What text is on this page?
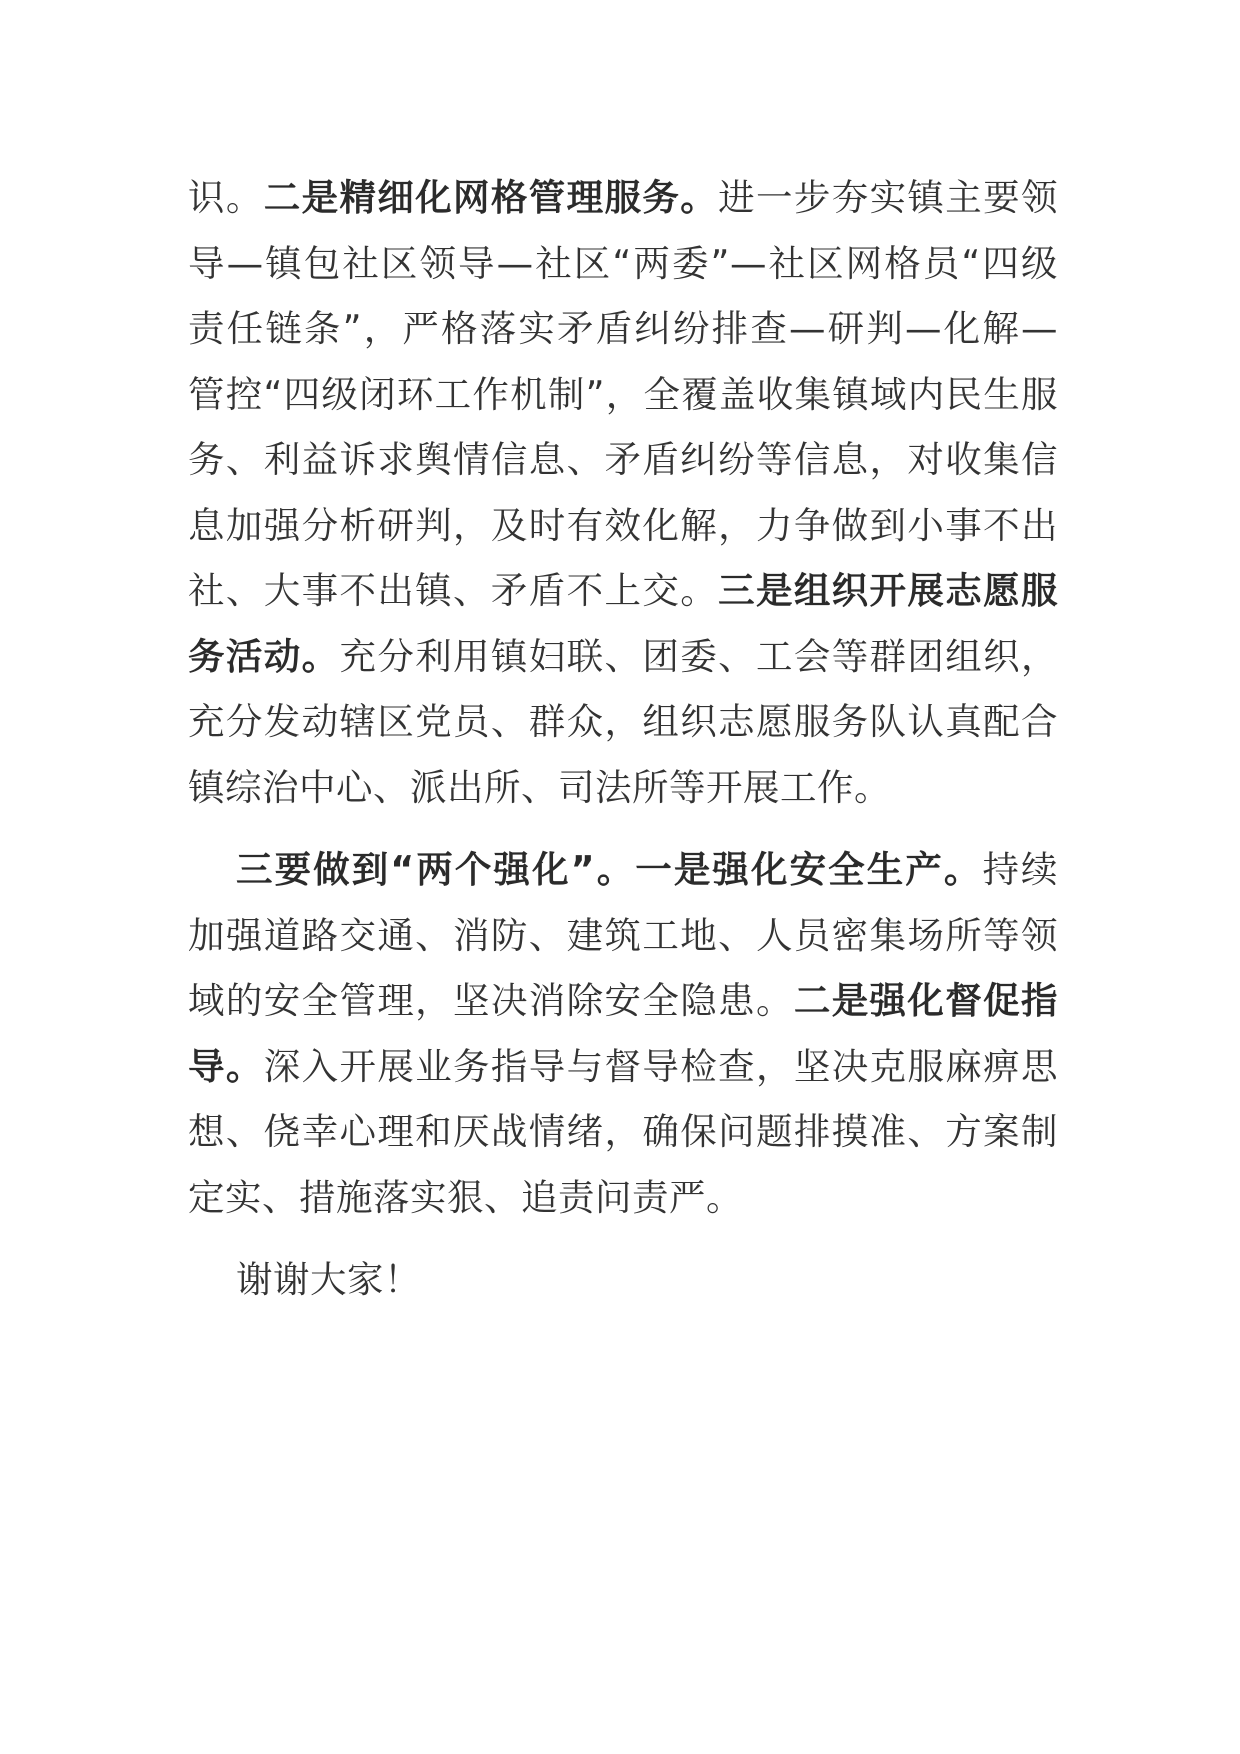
识。二是精细化网格管理服务。进一步夯实镇主要领导—镇包社区领导—社区“两委”—社区网格员“四级责任链条”，严格落实矛盾纠纷排查—研判—化解—管控“四级闭环工作机制”，全覆盖收集镇域内民生服务、利益诉求舆情信息、矛盾纠纷等信息，对收集信息加强分析研判，及时有效化解，力争做到小事不出社、大事不出镇、矛盾不上交。三是组织开展志愿服务活动。充分利用镇妇联、团委、工会等群团组织，充分发动辖区党员、群众，组织志愿服务队认真配合镇综治中心、派出所、司法所等开展工作。

三要做到“两个强化”。一是强化安全生产。持续加强道路交通、消防、建筑工地、人员密集场所等领域的安全管理，坚决消除安全隐患。二是强化督促指导。深入开展业务指导与督导检查，坚决克服麻痹思想、侥幸心理和厌战情绪，确保问题排摸准、方案制定实、措施落实狠、追责问责严。

谢谢大家！
